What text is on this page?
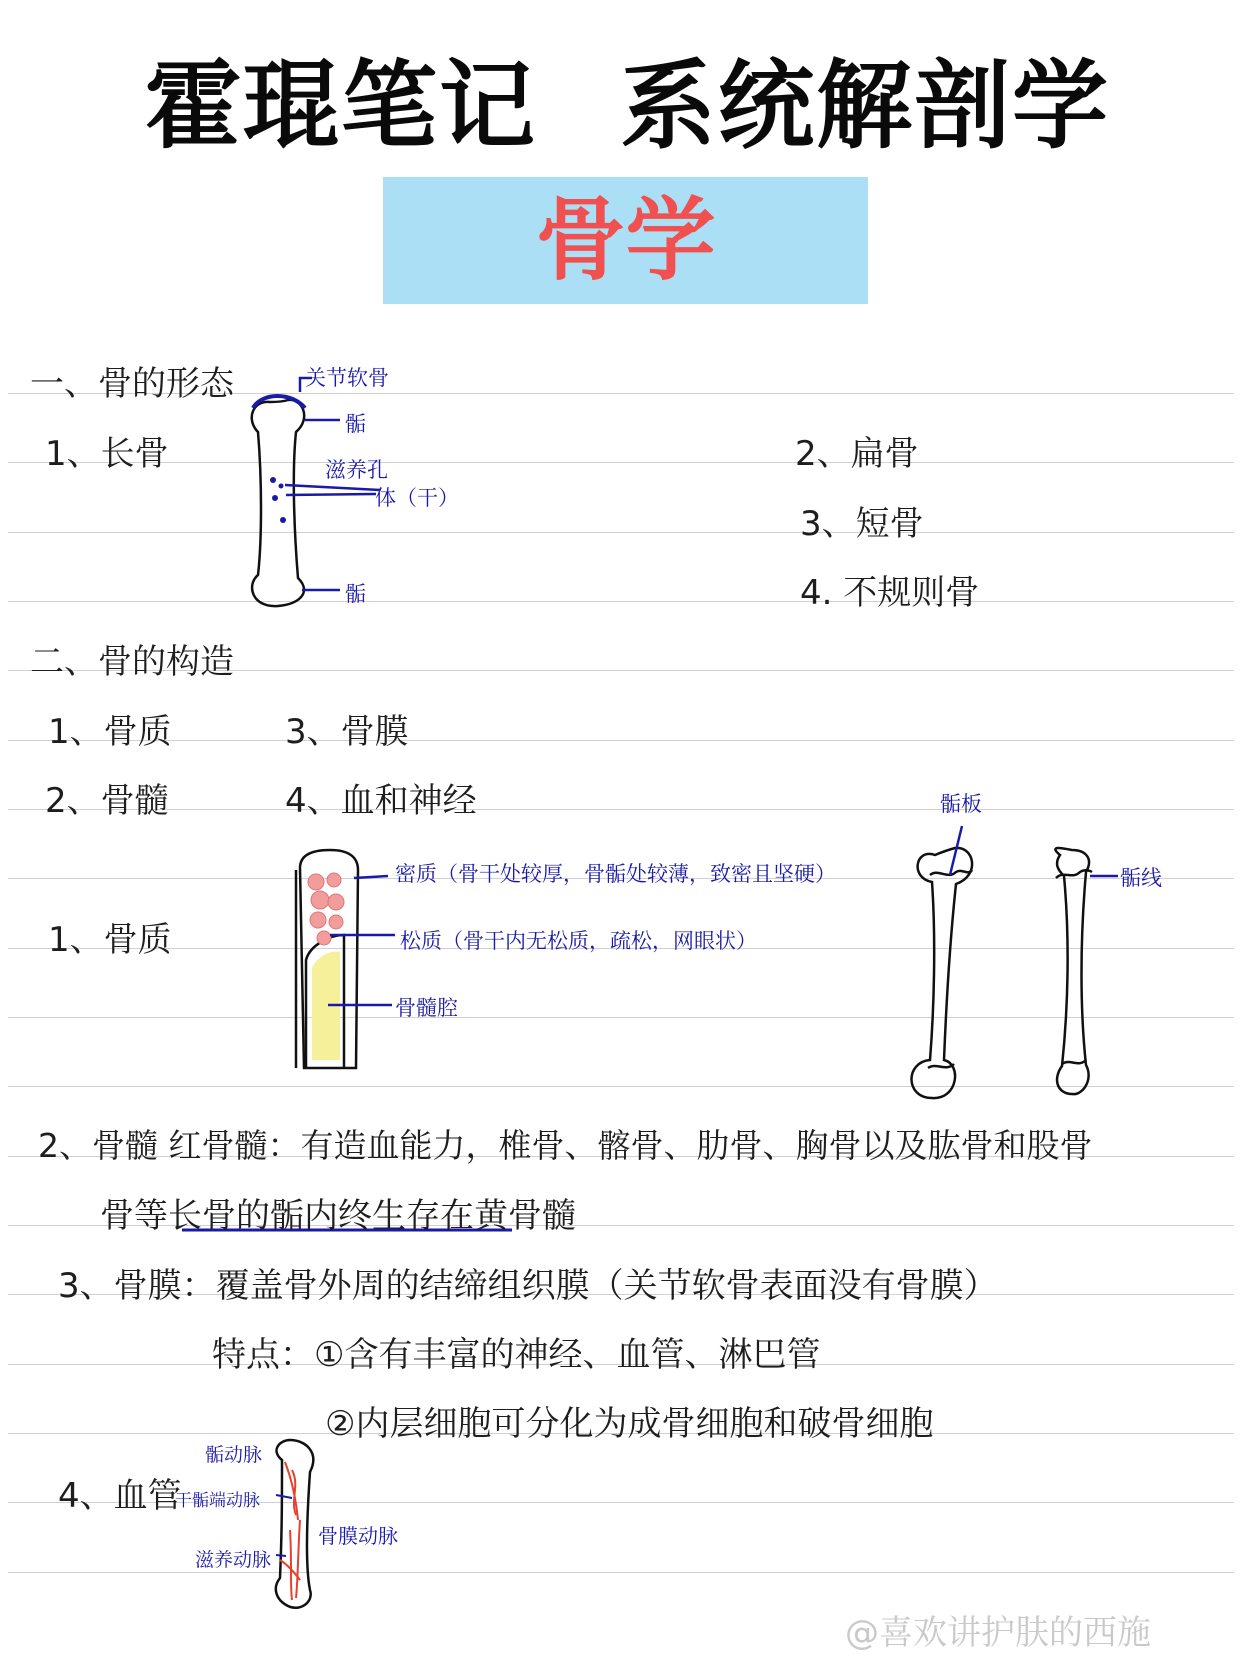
霍琨笔记 系统解剖学
骨学
一、骨的形态
1、长骨
关节软骨
骺
滋养孔
体（干）
骺
2、扁骨
3、短骨
4. 不规则骨
二、骨的构造
1、骨质	3、骨膜
2、骨髓	4、血和神经
1、骨质
密质（骨干处较厚，骨骺处较薄，致密且坚硬）
松质（骨干内无松质，疏松，网眼状）
骨髓腔
骺板
骺线
2、骨髓 红骨髓：有造血能力，椎骨、髂骨、肋骨、胸骨以及肱骨和股骨
骨等长骨的骺内终生存在黄骨髓
3、骨膜：覆盖骨外周的结缔组织膜（关节软骨表面没有骨膜）
特点：①含有丰富的神经、血管、淋巴管
②内层细胞可分化为成骨细胞和破骨细胞
4、血管
骺动脉
干骺端动脉
骨膜动脉
滋养动脉
@喜欢讲护肤的西施
